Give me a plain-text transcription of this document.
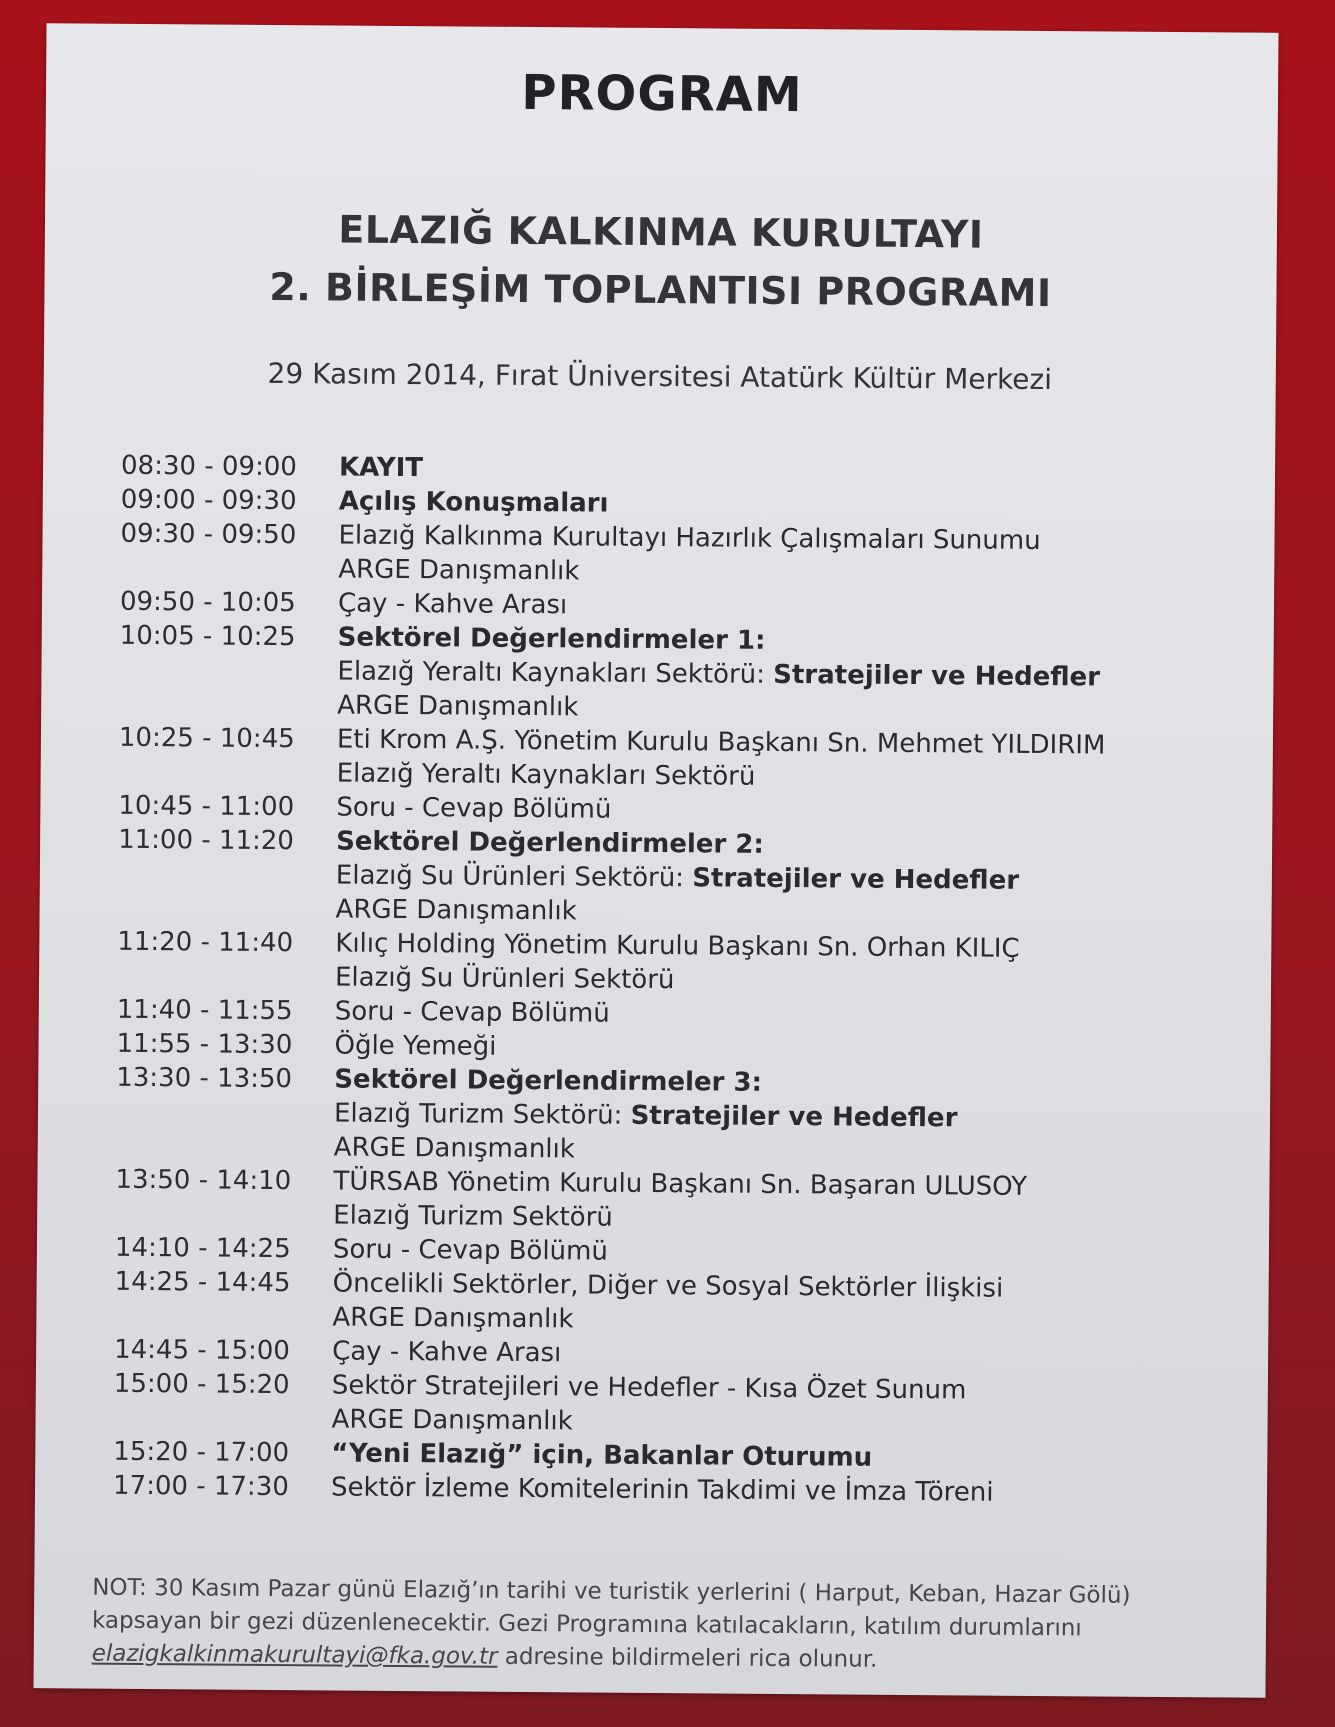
PROGRAM
ELAZIĞ KALKINMA KURULTAYI
2. BİRLEŞİM TOPLANTISI PROGRAMI
29 Kasım 2014, Fırat Üniversitesi Atatürk Kültür Merkezi
08:30 - 09:00	KAYIT
09:00 - 09:30	Açılış Konuşmaları
09:30 - 09:50	Elazığ Kalkınma Kurultayı Hazırlık Çalışmaları Sunumu
ARGE Danışmanlık
09:50 - 10:05	Çay - Kahve Arası
10:05 - 10:25	Sektörel Değerlendirmeler 1:
Elazığ Yeraltı Kaynakları Sektörü: Stratejiler ve Hedefler
ARGE Danışmanlık
10:25 - 10:45	Eti Krom A.Ş. Yönetim Kurulu Başkanı Sn. Mehmet YILDIRIM
Elazığ Yeraltı Kaynakları Sektörü
10:45 - 11:00	Soru - Cevap Bölümü
11:00 - 11:20	Sektörel Değerlendirmeler 2:
Elazığ Su Ürünleri Sektörü: Stratejiler ve Hedefler
ARGE Danışmanlık
11:20 - 11:40	Kılıç Holding Yönetim Kurulu Başkanı Sn. Orhan KILIÇ
Elazığ Su Ürünleri Sektörü
11:40 - 11:55	Soru - Cevap Bölümü
11:55 - 13:30	Öğle Yemeği
13:30 - 13:50	Sektörel Değerlendirmeler 3:
Elazığ Turizm Sektörü: Stratejiler ve Hedefler
ARGE Danışmanlık
13:50 - 14:10	TÜRSAB Yönetim Kurulu Başkanı Sn. Başaran ULUSOY
Elazığ Turizm Sektörü
14:10 - 14:25	Soru - Cevap Bölümü
14:25 - 14:45	Öncelikli Sektörler, Diğer ve Sosyal Sektörler İlişkisi
ARGE Danışmanlık
14:45 - 15:00	Çay - Kahve Arası
15:00 - 15:20	Sektör Stratejileri ve Hedefler - Kısa Özet Sunum
ARGE Danışmanlık
15:20 - 17:00	“Yeni Elazığ” için, Bakanlar Oturumu
17:00 - 17:30	Sektör İzleme Komitelerinin Takdimi ve İmza Töreni
NOT: 30 Kasım Pazar günü Elazığ’ın tarihi ve turistik yerlerini ( Harput, Keban, Hazar Gölü) kapsayan bir gezi düzenlenecektir. Gezi Programına katılacakların, katılım durumlarını elazigkalkinmakurultayi@fka.gov.tr adresine bildirmeleri rica olunur.
